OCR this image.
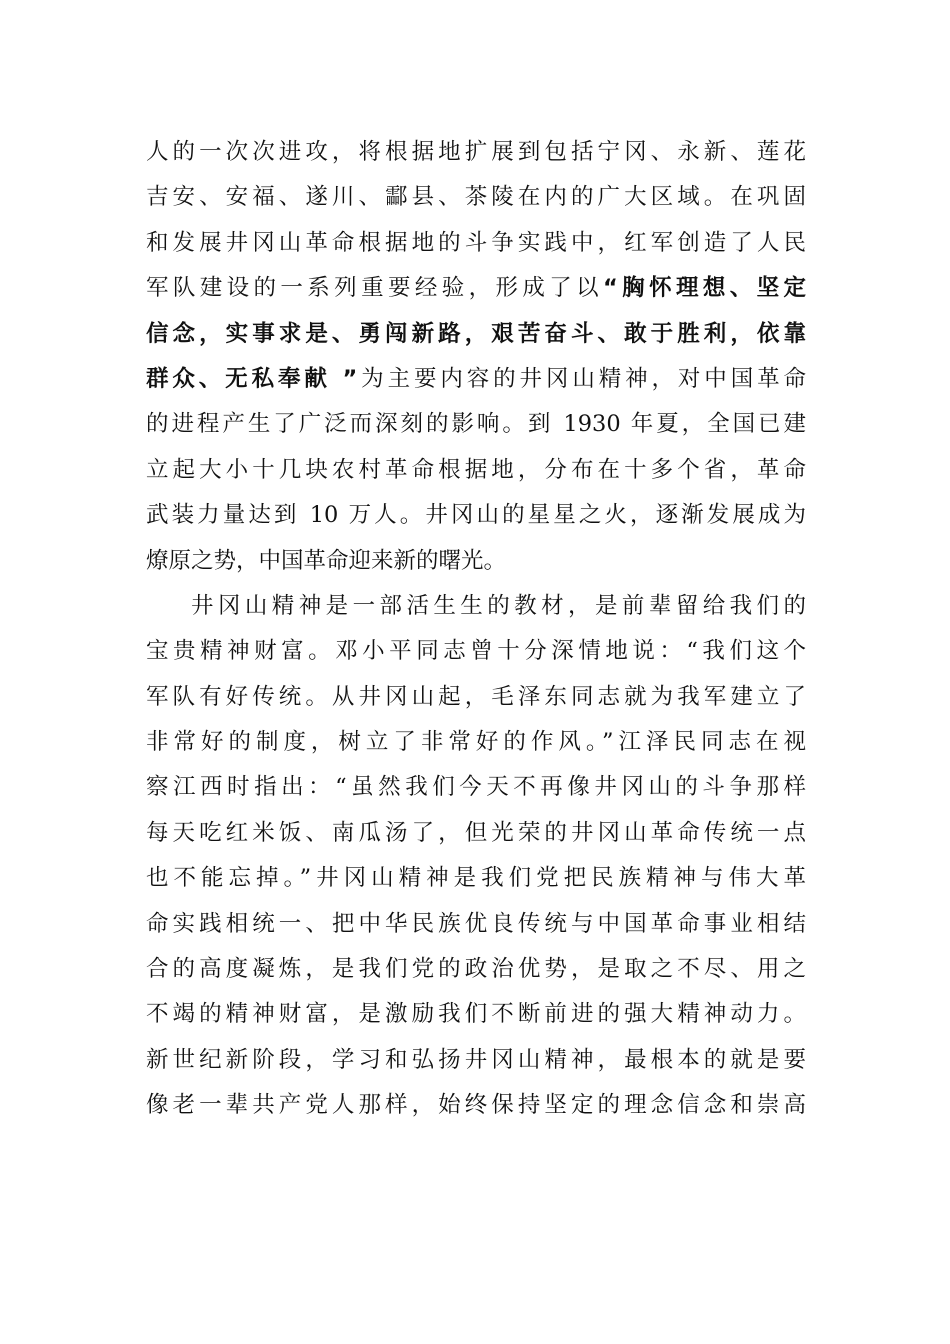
人的一次次进攻，将根据地扩展到包括宁冈、永新、莲花
吉安、安福、遂川、酃县、茶陵在内的广大区域。在巩固
和发展井冈山革命根据地的斗争实践中，红军创造了人民
军队建设的一系列重要经验，形成了以“胸怀理想、坚定
信念，实事求是、勇闯新路，艰苦奋斗、敢于胜利，依靠
群众、无私奉献 ”为主要内容的井冈山精神，对中国革命
的进程产生了广泛而深刻的影响。到 1930 年夏，全国已建
立起大小十几块农村革命根据地，分布在十多个省，革命
武装力量达到 10 万人。井冈山的星星之火，逐渐发展成为
燎原之势，中国革命迎来新的曙光。
井冈山精神是一部活生生的教材，是前辈留给我们的
宝贵精神财富。邓小平同志曾十分深情地说：“我们这个
军队有好传统。从井冈山起，毛泽东同志就为我军建立了
非常好的制度，树立了非常好的作风。”江泽民同志在视
察江西时指出：“虽然我们今天不再像井冈山的斗争那样
每天吃红米饭、南瓜汤了，但光荣的井冈山革命传统一点
也不能忘掉。”井冈山精神是我们党把民族精神与伟大革
命实践相统一、把中华民族优良传统与中国革命事业相结
合的高度凝炼，是我们党的政治优势，是取之不尽、用之
不竭的精神财富，是激励我们不断前进的强大精神动力。
新世纪新阶段，学习和弘扬井冈山精神，最根本的就是要
像老一辈共产党人那样，始终保持坚定的理念信念和崇高
